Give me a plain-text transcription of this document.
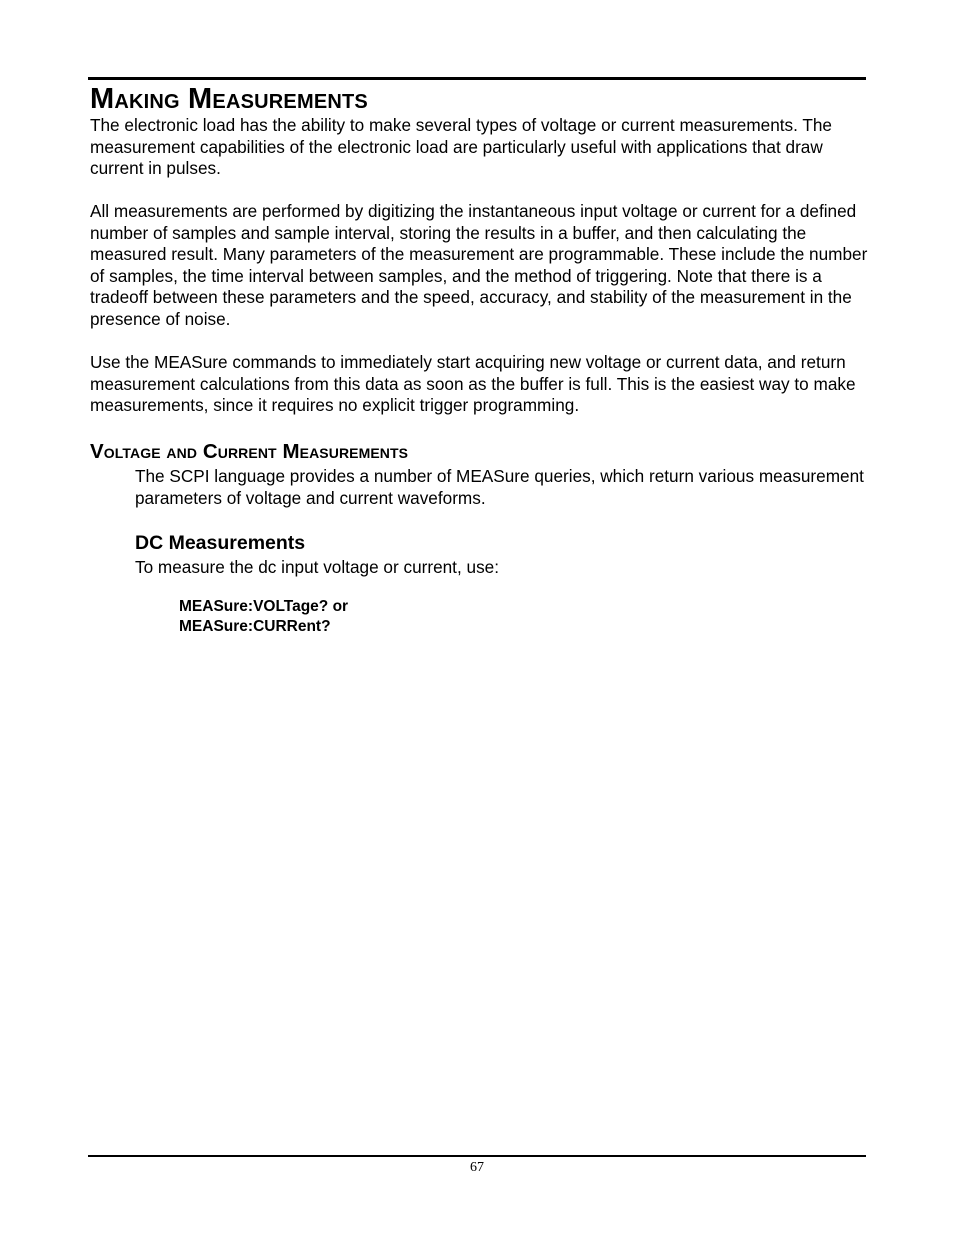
Making Measurements

The electronic load has the ability to make several types of voltage or current measurements. The measurement capabilities of the electronic load are particularly useful with applications that draw current in pulses.

All measurements are performed by digitizing the instantaneous input voltage or current for a defined number of samples and sample interval, storing the results in a buffer, and then calculating the measured result. Many parameters of the measurement are programmable. These include the number of samples, the time interval between samples, and the method of triggering. Note that there is a tradeoff between these parameters and the speed, accuracy, and stability of the measurement in the presence of noise.

Use the MEASure commands to immediately start acquiring new voltage or current data, and return measurement calculations from this data as soon as the buffer is full. This is the easiest way to make measurements, since it requires no explicit trigger programming.

Voltage and Current Measurements

The SCPI language provides a number of MEASure queries, which return various measurement parameters of voltage and current waveforms.

DC Measurements

To measure the dc input voltage or current, use:

MEASure:VOLTage? or
MEASure:CURRent?
67
